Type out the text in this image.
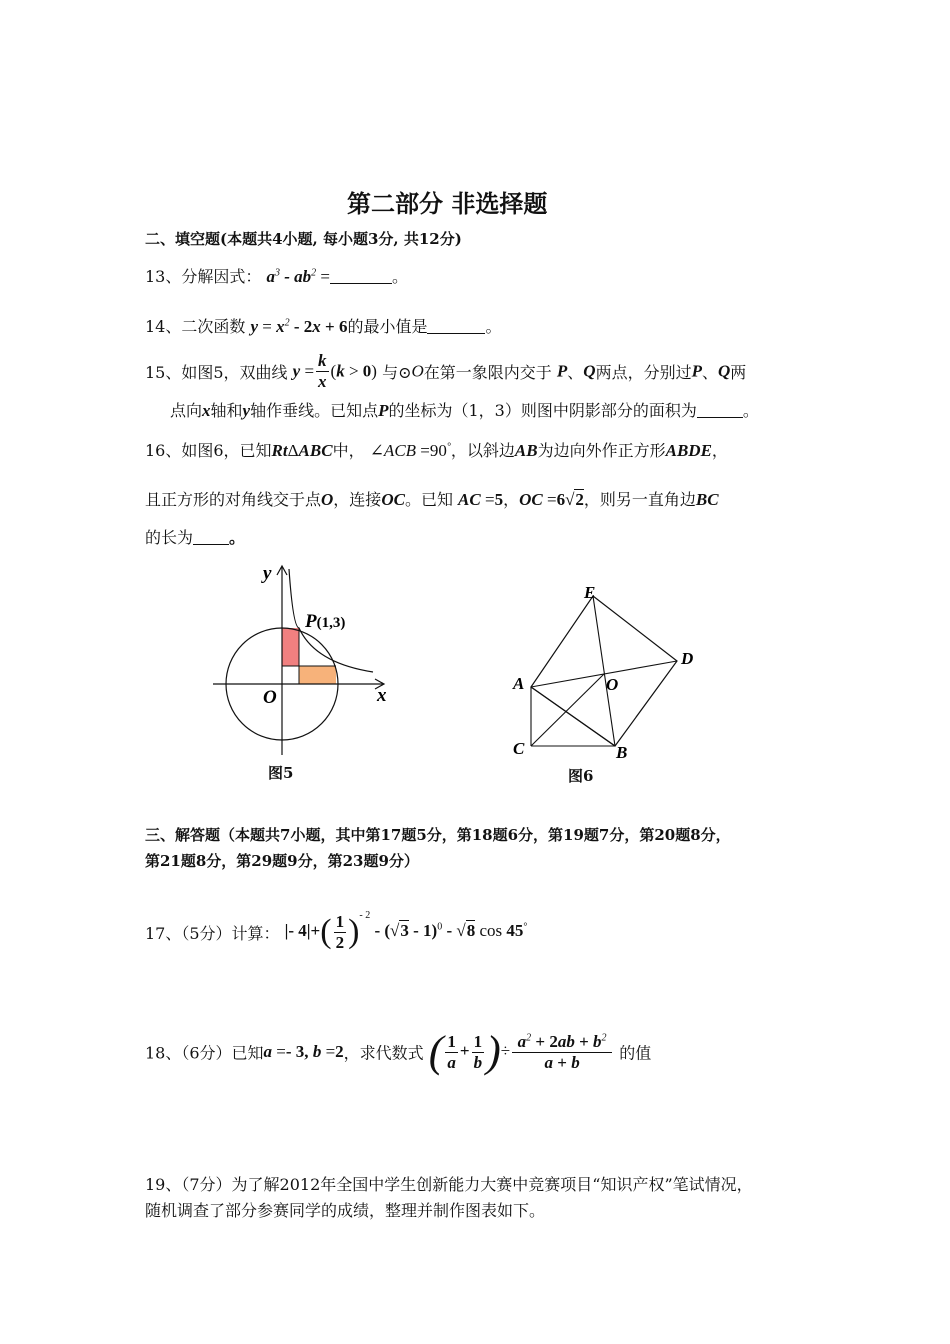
第二部分 非选择题
二、填空题(本题共4小题, 每小题3分, 共12分)
13、分解因式： $a^3 - ab^2$ =	。
14、二次函数 $y = x^2 - 2x + 6$的最小值是	。
15、如图5，双曲线 $y = \frac{k}{x} (k > 0)$ 与⊙O在第一象限内交于 P、Q两点，分别过P、Q两
点向x轴和y轴作垂线。已知点P的坐标为（1，3）则图中阴影部分的面积为	。
16、如图6，已知RtΔABC中， ∠ACB =90°，以斜边AB为边向外作正方形ABDE，
且正方形的对角线交于点O，连接OC。已知 AC =5，OC =6√2，则另一直角边BC
的长为 。
y
x
O
P(1,3)
图5
E
D
A	O
C	B
图6
三、解答题（本题共7小题，其中第17题5分，第18题6分，第19题7分，第20题8分，
第21题8分，第29题9分，第23题9分）
17、（5分）计算： |- $4|+( \frac{1}{2} )^{- 2} - (√3 - 1)^0 - √8$ cos 45°
18、（6分）已知a =- 3, b =2，求代数式 ( $\frac{1}{a} + \frac{1}{b}$ )÷ $\frac{a^2 + 2ab + b^2}{a + b}$ 的值
19、（7分）为了解2012年全国中学生创新能力大赛中竞赛项目“知识产权”笔试情况，
随机调查了部分参赛同学的成绩，整理并制作图表如下。
